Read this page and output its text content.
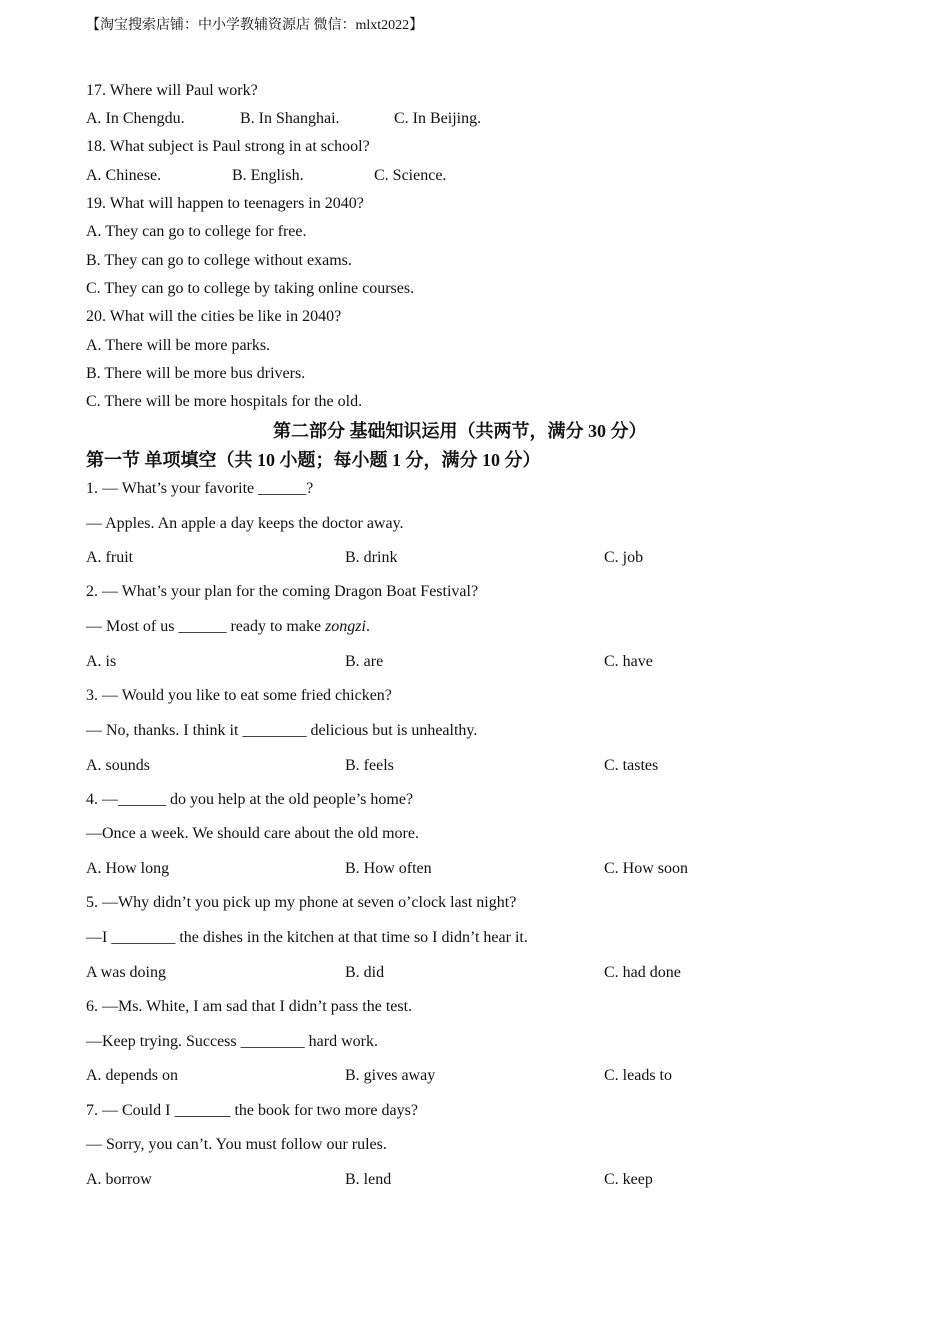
【淘宝搜索店铺：中小学教辅资源店 微信：mlxt2022】
17. Where will Paul work?
A. In Chengdu.	B. In Shanghai.	C. In Beijing.
18. What subject is Paul strong in at school?
A. Chinese.	B. English.	C. Science.
19. What will happen to teenagers in 2040?
A. They can go to college for free.
B. They can go to college without exams.
C. They can go to college by taking online courses.
20. What will the cities be like in 2040?
A. There will be more parks.
B. There will be more bus drivers.
C. There will be more hospitals for the old.
第二部分 基础知识运用（共两节，满分 30 分）
第一节 单项填空（共 10 小题；每小题 1 分，满分 10 分）
1. — What’s your favorite ______?
— Apples. An apple a day keeps the doctor away.
A. fruit	B. drink	C. job
2. — What’s your plan for the coming Dragon Boat Festival?
— Most of us ______ ready to make zongzi.
A. is	B. are	C. have
3. — Would you like to eat some fried chicken?
— No, thanks. I think it ________ delicious but is unhealthy.
A. sounds	B. feels	C. tastes
4. —______ do you help at the old people’s home?
—Once a week. We should care about the old more.
A. How long	B. How often	C. How soon
5. —Why didn’t you pick up my phone at seven o’clock last night?
—I ________ the dishes in the kitchen at that time so I didn’t hear it.
A was doing	B. did	C. had done
6. —Ms. White, I am sad that I didn’t pass the test.
—Keep trying. Success ________ hard work.
A. depends on	B. gives away	C. leads to
7. — Could I _______ the book for two more days?
— Sorry, you can’t. You must follow our rules.
A. borrow	B. lend	C. keep
